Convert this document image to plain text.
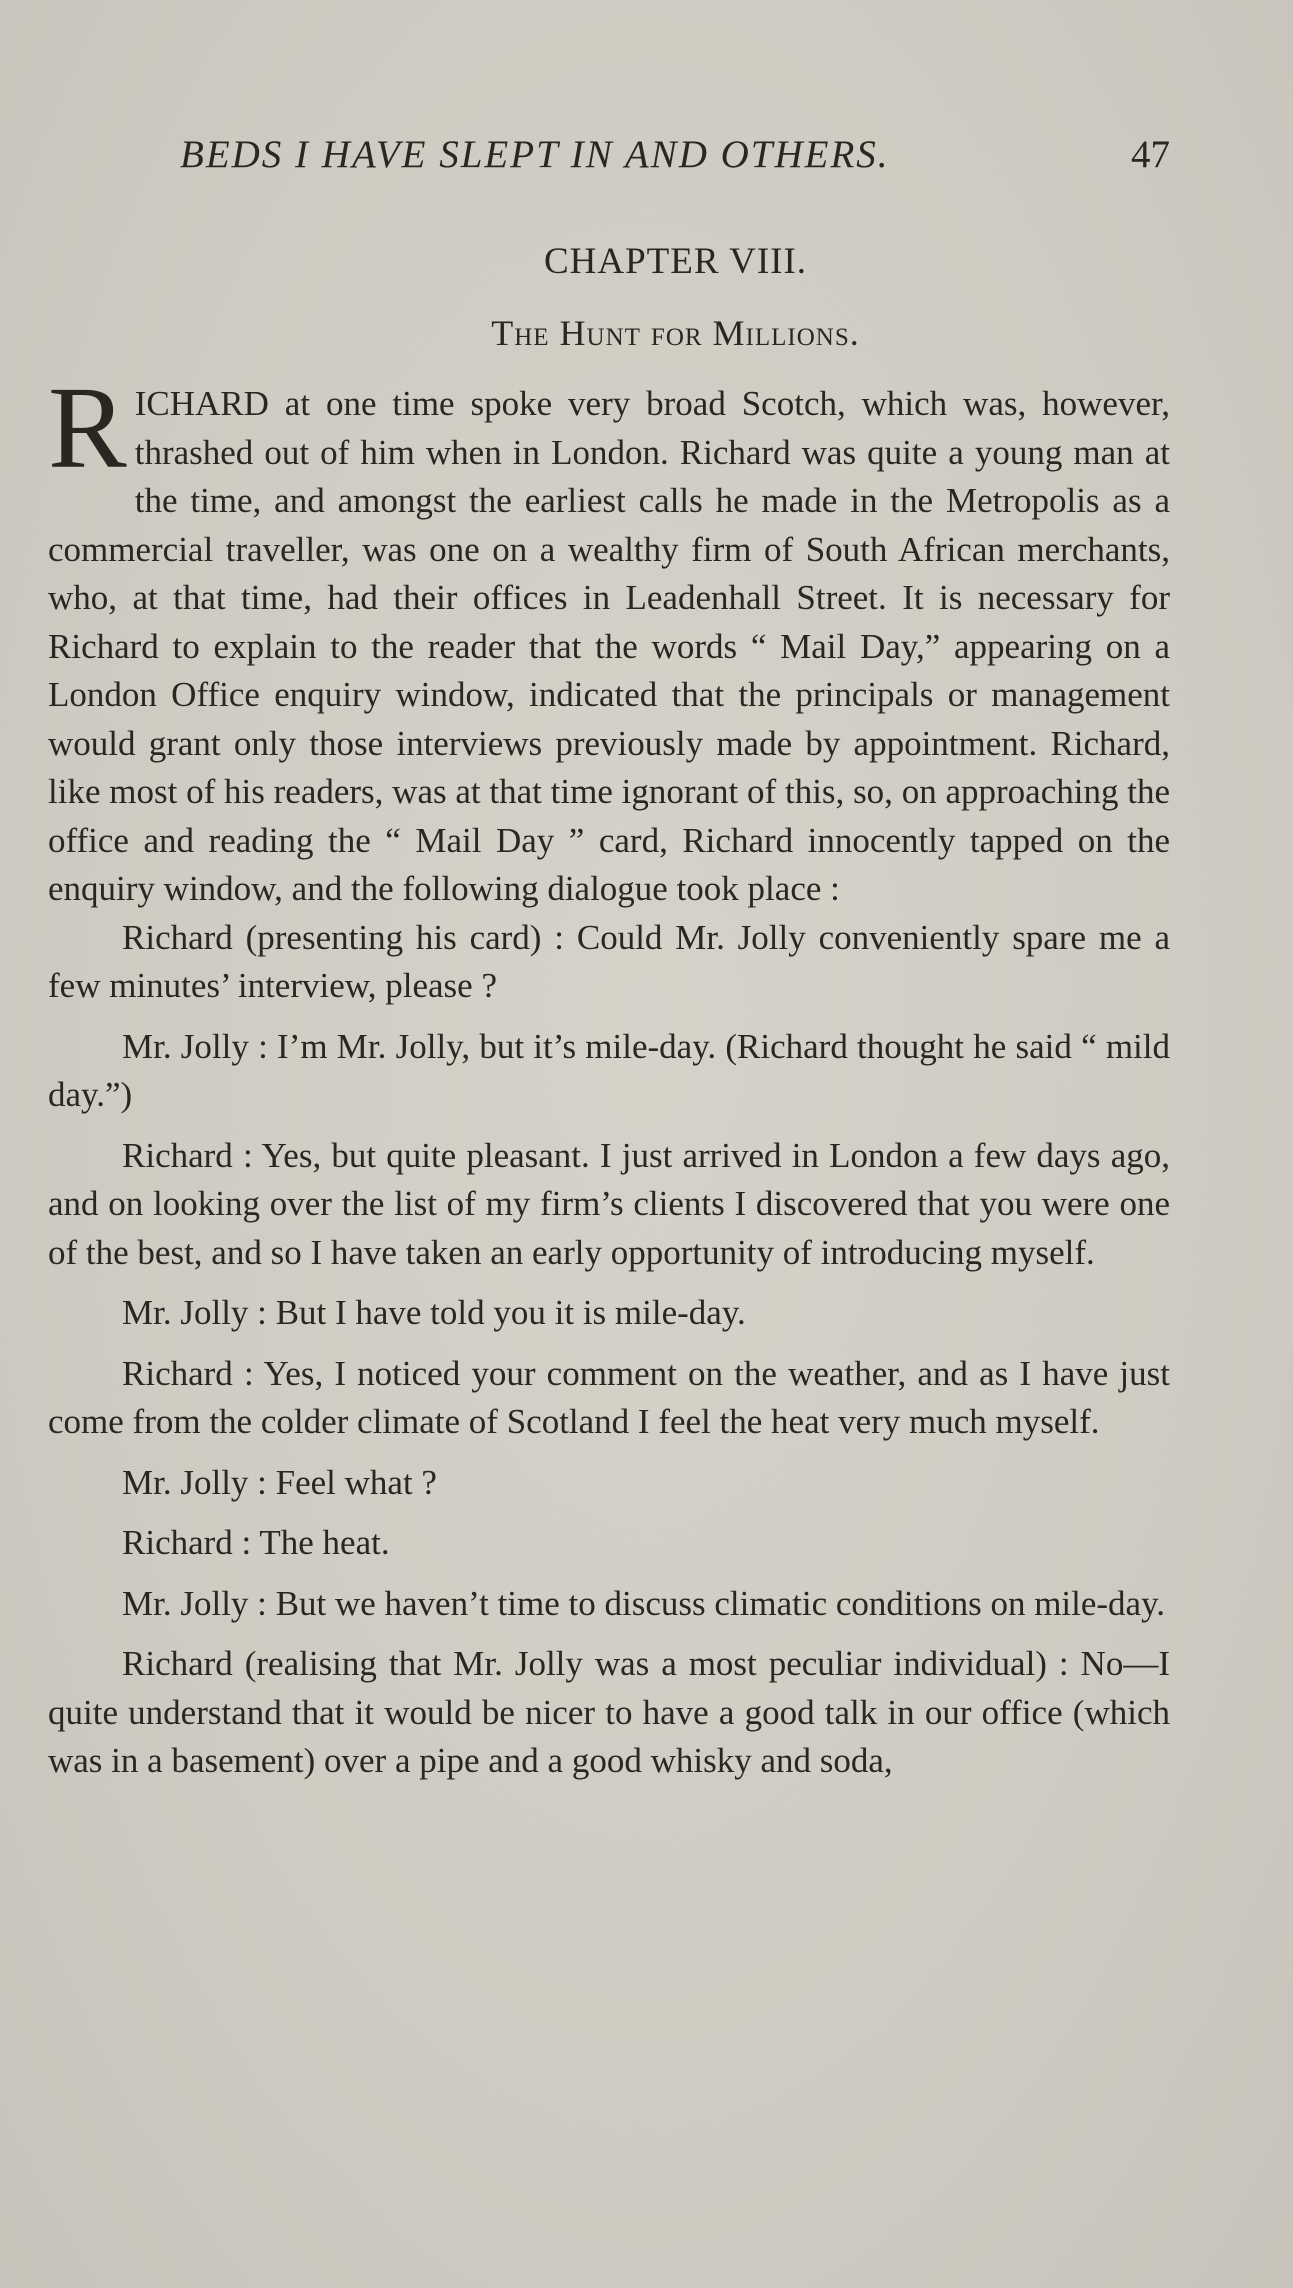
BEDS I HAVE SLEPT IN AND OTHERS.	47
CHAPTER VIII.
The Hunt for Millions.

RICHARD at one time spoke very broad Scotch, which was, however, thrashed out of him when in London. Richard was quite a young man at the time, and amongst the earliest calls he made in the Metropolis as a commercial traveller, was one on a wealthy firm of South African merchants, who, at that time, had their offices in Leadenhall Street. It is necessary for Richard to explain to the reader that the words “ Mail Day,” appearing on a London Office enquiry window, indicated that the principals or management would grant only those interviews previously made by appointment. Richard, like most of his readers, was at that time ignorant of this, so, on approaching the office and reading the “ Mail Day ” card, Richard innocently tapped on the enquiry window, and the following dialogue took place :

Richard (presenting his card) : Could Mr. Jolly conveniently spare me a few minutes’ interview, please ?

Mr. Jolly : I’m Mr. Jolly, but it’s mile-day. (Richard thought he said “ mild day.”)

Richard : Yes, but quite pleasant. I just arrived in London a few days ago, and on looking over the list of my firm’s clients I discovered that you were one of the best, and so I have taken an early opportunity of introducing myself.

Mr. Jolly : But I have told you it is mile-day.

Richard : Yes, I noticed your comment on the weather, and as I have just come from the colder climate of Scotland I feel the heat very much myself.

Mr. Jolly : Feel what ?

Richard : The heat.

Mr. Jolly : But we haven’t time to discuss climatic conditions on mile-day.

Richard (realising that Mr. Jolly was a most peculiar individual) : No—I quite understand that it would be nicer to have a good talk in our office (which was in a basement) over a pipe and a good whisky and soda,
